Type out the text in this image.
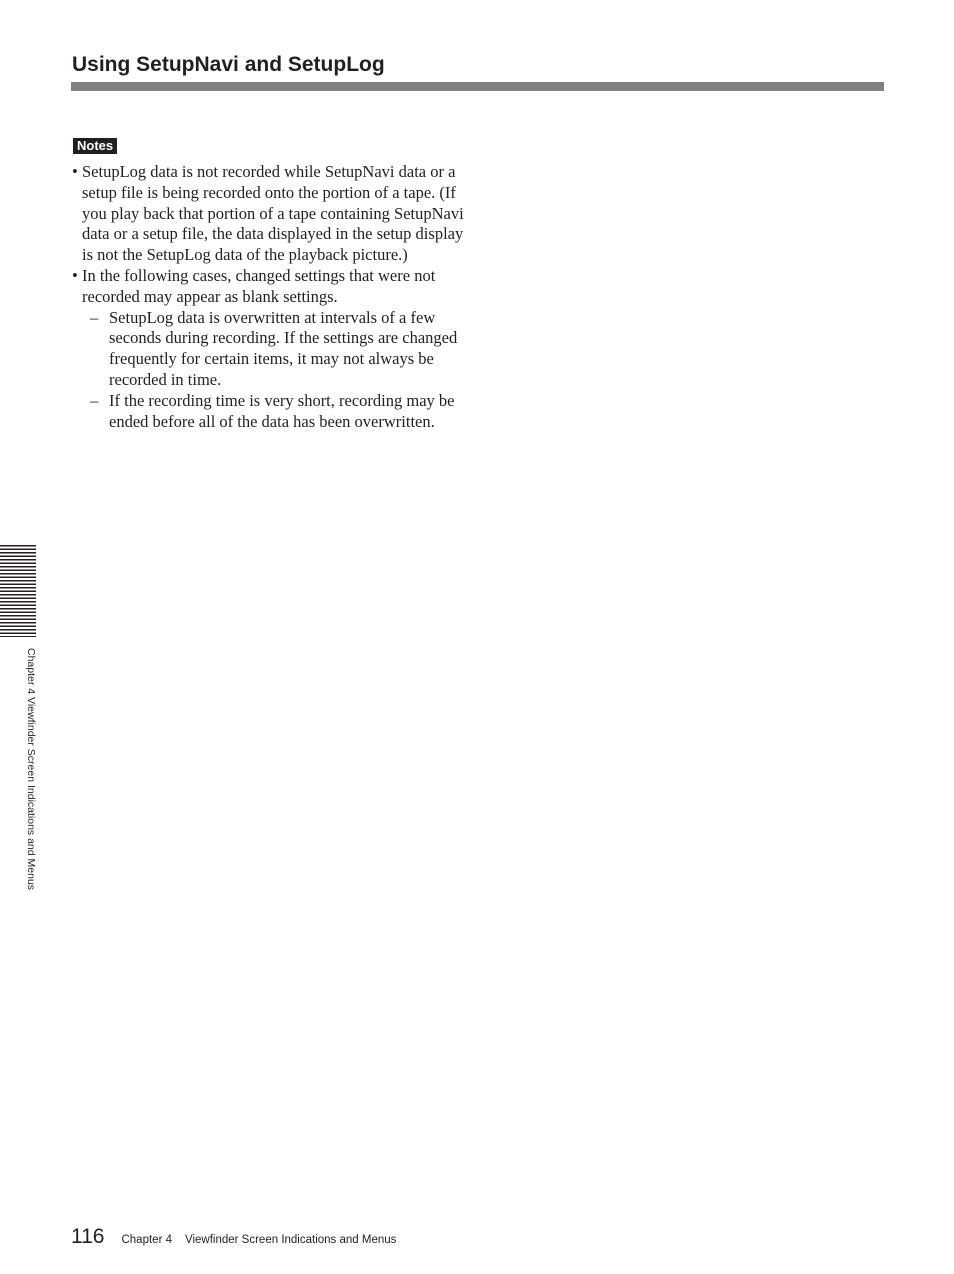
Using SetupNavi and SetupLog
Notes
• SetupLog data is not recorded while SetupNavi data or a setup file is being recorded onto the portion of a tape. (If you play back that portion of a tape containing SetupNavi data or a setup file, the data displayed in the setup display is not the SetupLog data of the playback picture.)
• In the following cases, changed settings that were not recorded may appear as blank settings.
– SetupLog data is overwritten at intervals of a few seconds during recording. If the settings are changed frequently for certain items, it may not always be recorded in time.
– If the recording time is very short, recording may be ended before all of the data has been overwritten.
Chapter 4 Viewfinder Screen Indications and Menus
116 Chapter 4 Viewfinder Screen Indications and Menus
